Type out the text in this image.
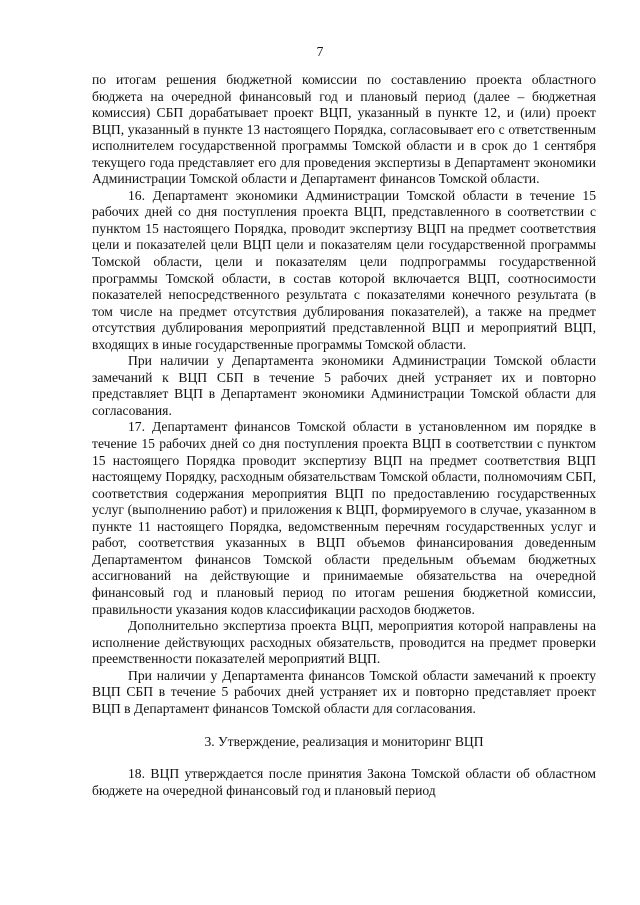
7

по итогам решения бюджетной комиссии по составлению проекта областного бюджета на очередной финансовый год и плановый период (далее – бюджетная комиссия) СБП дорабатывает проект ВЦП, указанный в пункте 12, и (или) проект ВЦП, указанный в пункте 13 настоящего Порядка, согласовывает его с ответственным исполнителем государственной программы Томской области и в срок до 1 сентября текущего года представляет его для проведения экспертизы в Департамент экономики Администрации Томской области и Департамент финансов Томской области.

16. Департамент экономики Администрации Томской области в течение 15 рабочих дней со дня поступления проекта ВЦП, представленного в соответствии с пунктом 15 настоящего Порядка, проводит экспертизу ВЦП на предмет соответствия цели и показателей цели ВЦП цели и показателям цели государственной программы Томской области, цели и показателям цели подпрограммы государственной программы Томской области, в состав которой включается ВЦП, соотносимости показателей непосредственного результата с показателями конечного результата (в том числе на предмет отсутствия дублирования показателей), а также на предмет отсутствия дублирования мероприятий представленной ВЦП и мероприятий ВЦП, входящих в иные государственные программы Томской области.

При наличии у Департамента экономики Администрации Томской области замечаний к ВЦП СБП в течение 5 рабочих дней устраняет их и повторно представляет ВЦП в Департамент экономики Администрации Томской области для согласования.

17. Департамент финансов Томской области в установленном им порядке в течение 15 рабочих дней со дня поступления проекта ВЦП в соответствии с пунктом 15 настоящего Порядка проводит экспертизу ВЦП на предмет соответствия ВЦП настоящему Порядку, расходным обязательствам Томской области, полномочиям СБП, соответствия содержания мероприятия ВЦП по предоставлению государственных услуг (выполнению работ) и приложения к ВЦП, формируемого в случае, указанном в пункте 11 настоящего Порядка, ведомственным перечням государственных услуг и работ, соответствия указанных в ВЦП объемов финансирования доведенным Департаментом финансов Томской области предельным объемам бюджетных ассигнований на действующие и принимаемые обязательства на очередной финансовый год и плановый период по итогам решения бюджетной комиссии, правильности указания кодов классификации расходов бюджетов.

Дополнительно экспертиза проекта ВЦП, мероприятия которой направлены на исполнение действующих расходных обязательств, проводится на предмет проверки преемственности показателей мероприятий ВЦП.

При наличии у Департамента финансов Томской области замечаний к проекту ВЦП СБП в течение 5 рабочих дней устраняет их и повторно представляет проект ВЦП в Департамент финансов Томской области для согласования.

3. Утверждение, реализация и мониторинг ВЦП

18. ВЦП утверждается после принятия Закона Томской области об областном бюджете на очередной финансовый год и плановый период
